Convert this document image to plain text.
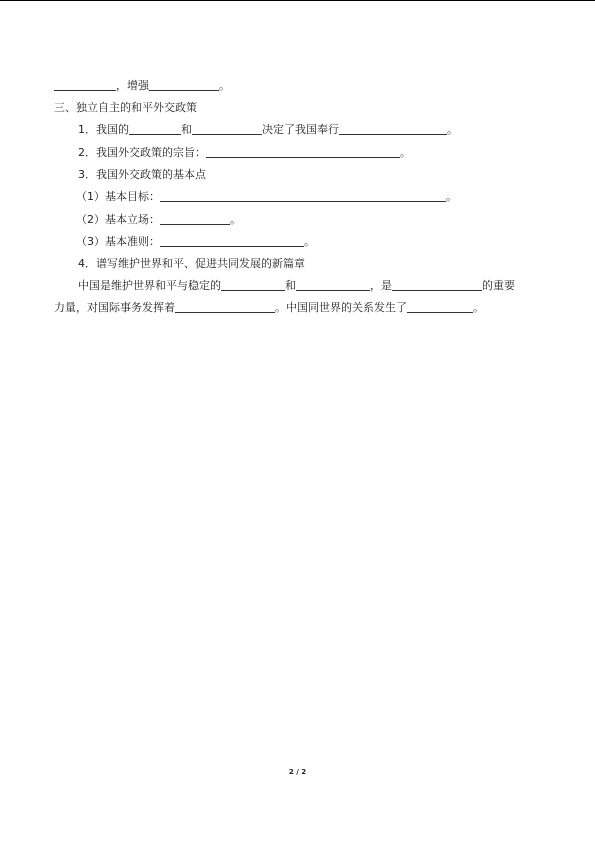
，增强	。
三、独立自主的和平外交政策
1．我国的	和	决定了我国奉行	。
2．我国外交政策的宗旨：	。
3．我国外交政策的基本点
（1）基本目标：	。
（2）基本立场：	。
（3）基本准则：	。
4．谱写维护世界和平、促进共同发展的新篇章
中国是维护世界和平与稳定的	和	，是	的重要
力量，对国际事务发挥着	。中国同世界的关系发生了	。
2 / 2
